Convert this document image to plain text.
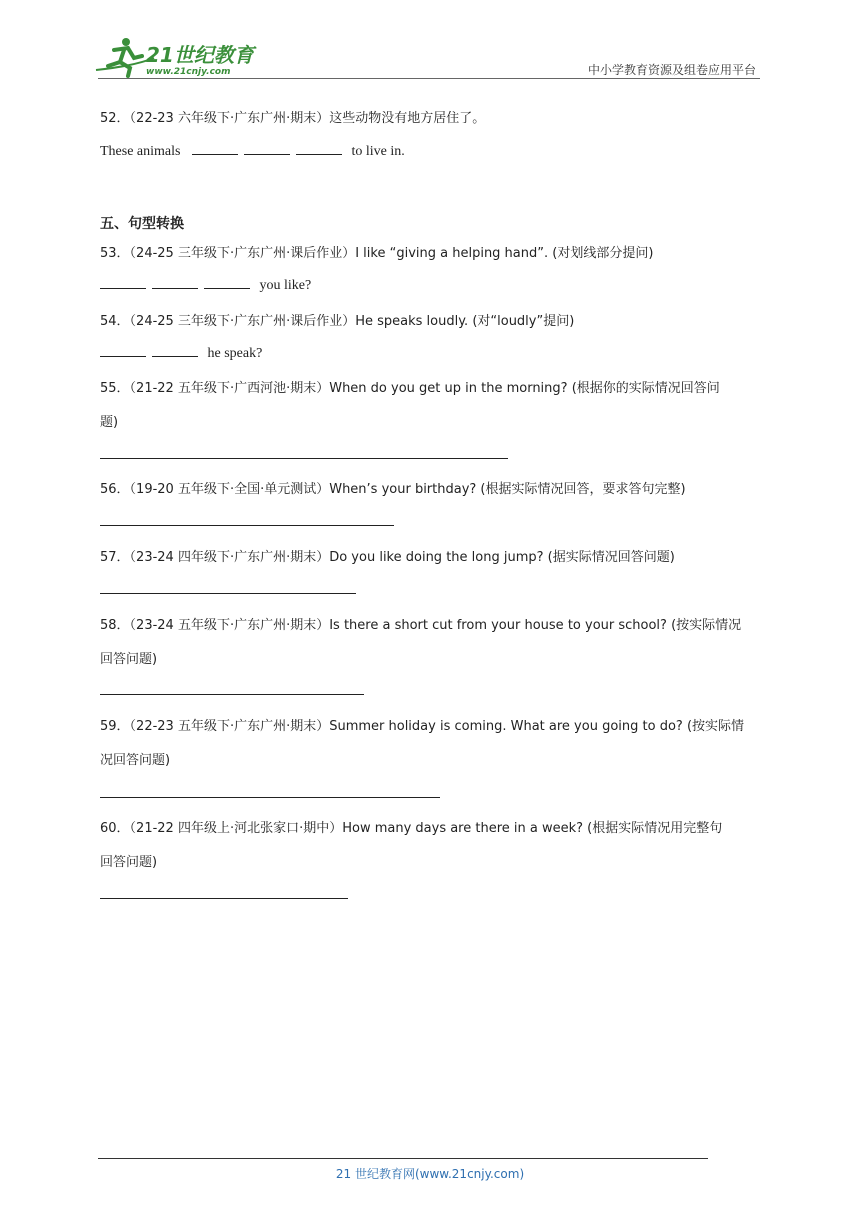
21世纪教育
www.21cnjy.com	中小学教育资源及组卷应用平台
52．（22-23 六年级下·广东广州·期末）这些动物没有地方居住了。
These animals	to live in.
五、句型转换
53．（24-25 三年级下·广东广州·课后作业）I like “giving a helping hand”. (对划线部分提问)
you like?
54．（24-25 三年级下·广东广州·课后作业）He speaks loudly. (对“loudly”提问)
he speak?
55．（21-22 五年级下·广西河池·期末）When do you get up in the morning? (根据你的实际情况回答问
题)
56．（19-20 五年级下·全国·单元测试）When’s your birthday? (根据实际情况回答，要求答句完整)
57．（23-24 四年级下·广东广州·期末）Do you like doing the long jump? (据实际情况回答问题)
58．（23-24 五年级下·广东广州·期末）Is there a short cut from your house to your school? (按实际情况
回答问题)
59．（22-23 五年级下·广东广州·期末）Summer holiday is coming. What are you going to do? (按实际情
况回答问题)
60．（21-22 四年级上·河北张家口·期中）How many days are there in a week? (根据实际情况用完整句
回答问题)
21 世纪教育网(www.21cnjy.com)
